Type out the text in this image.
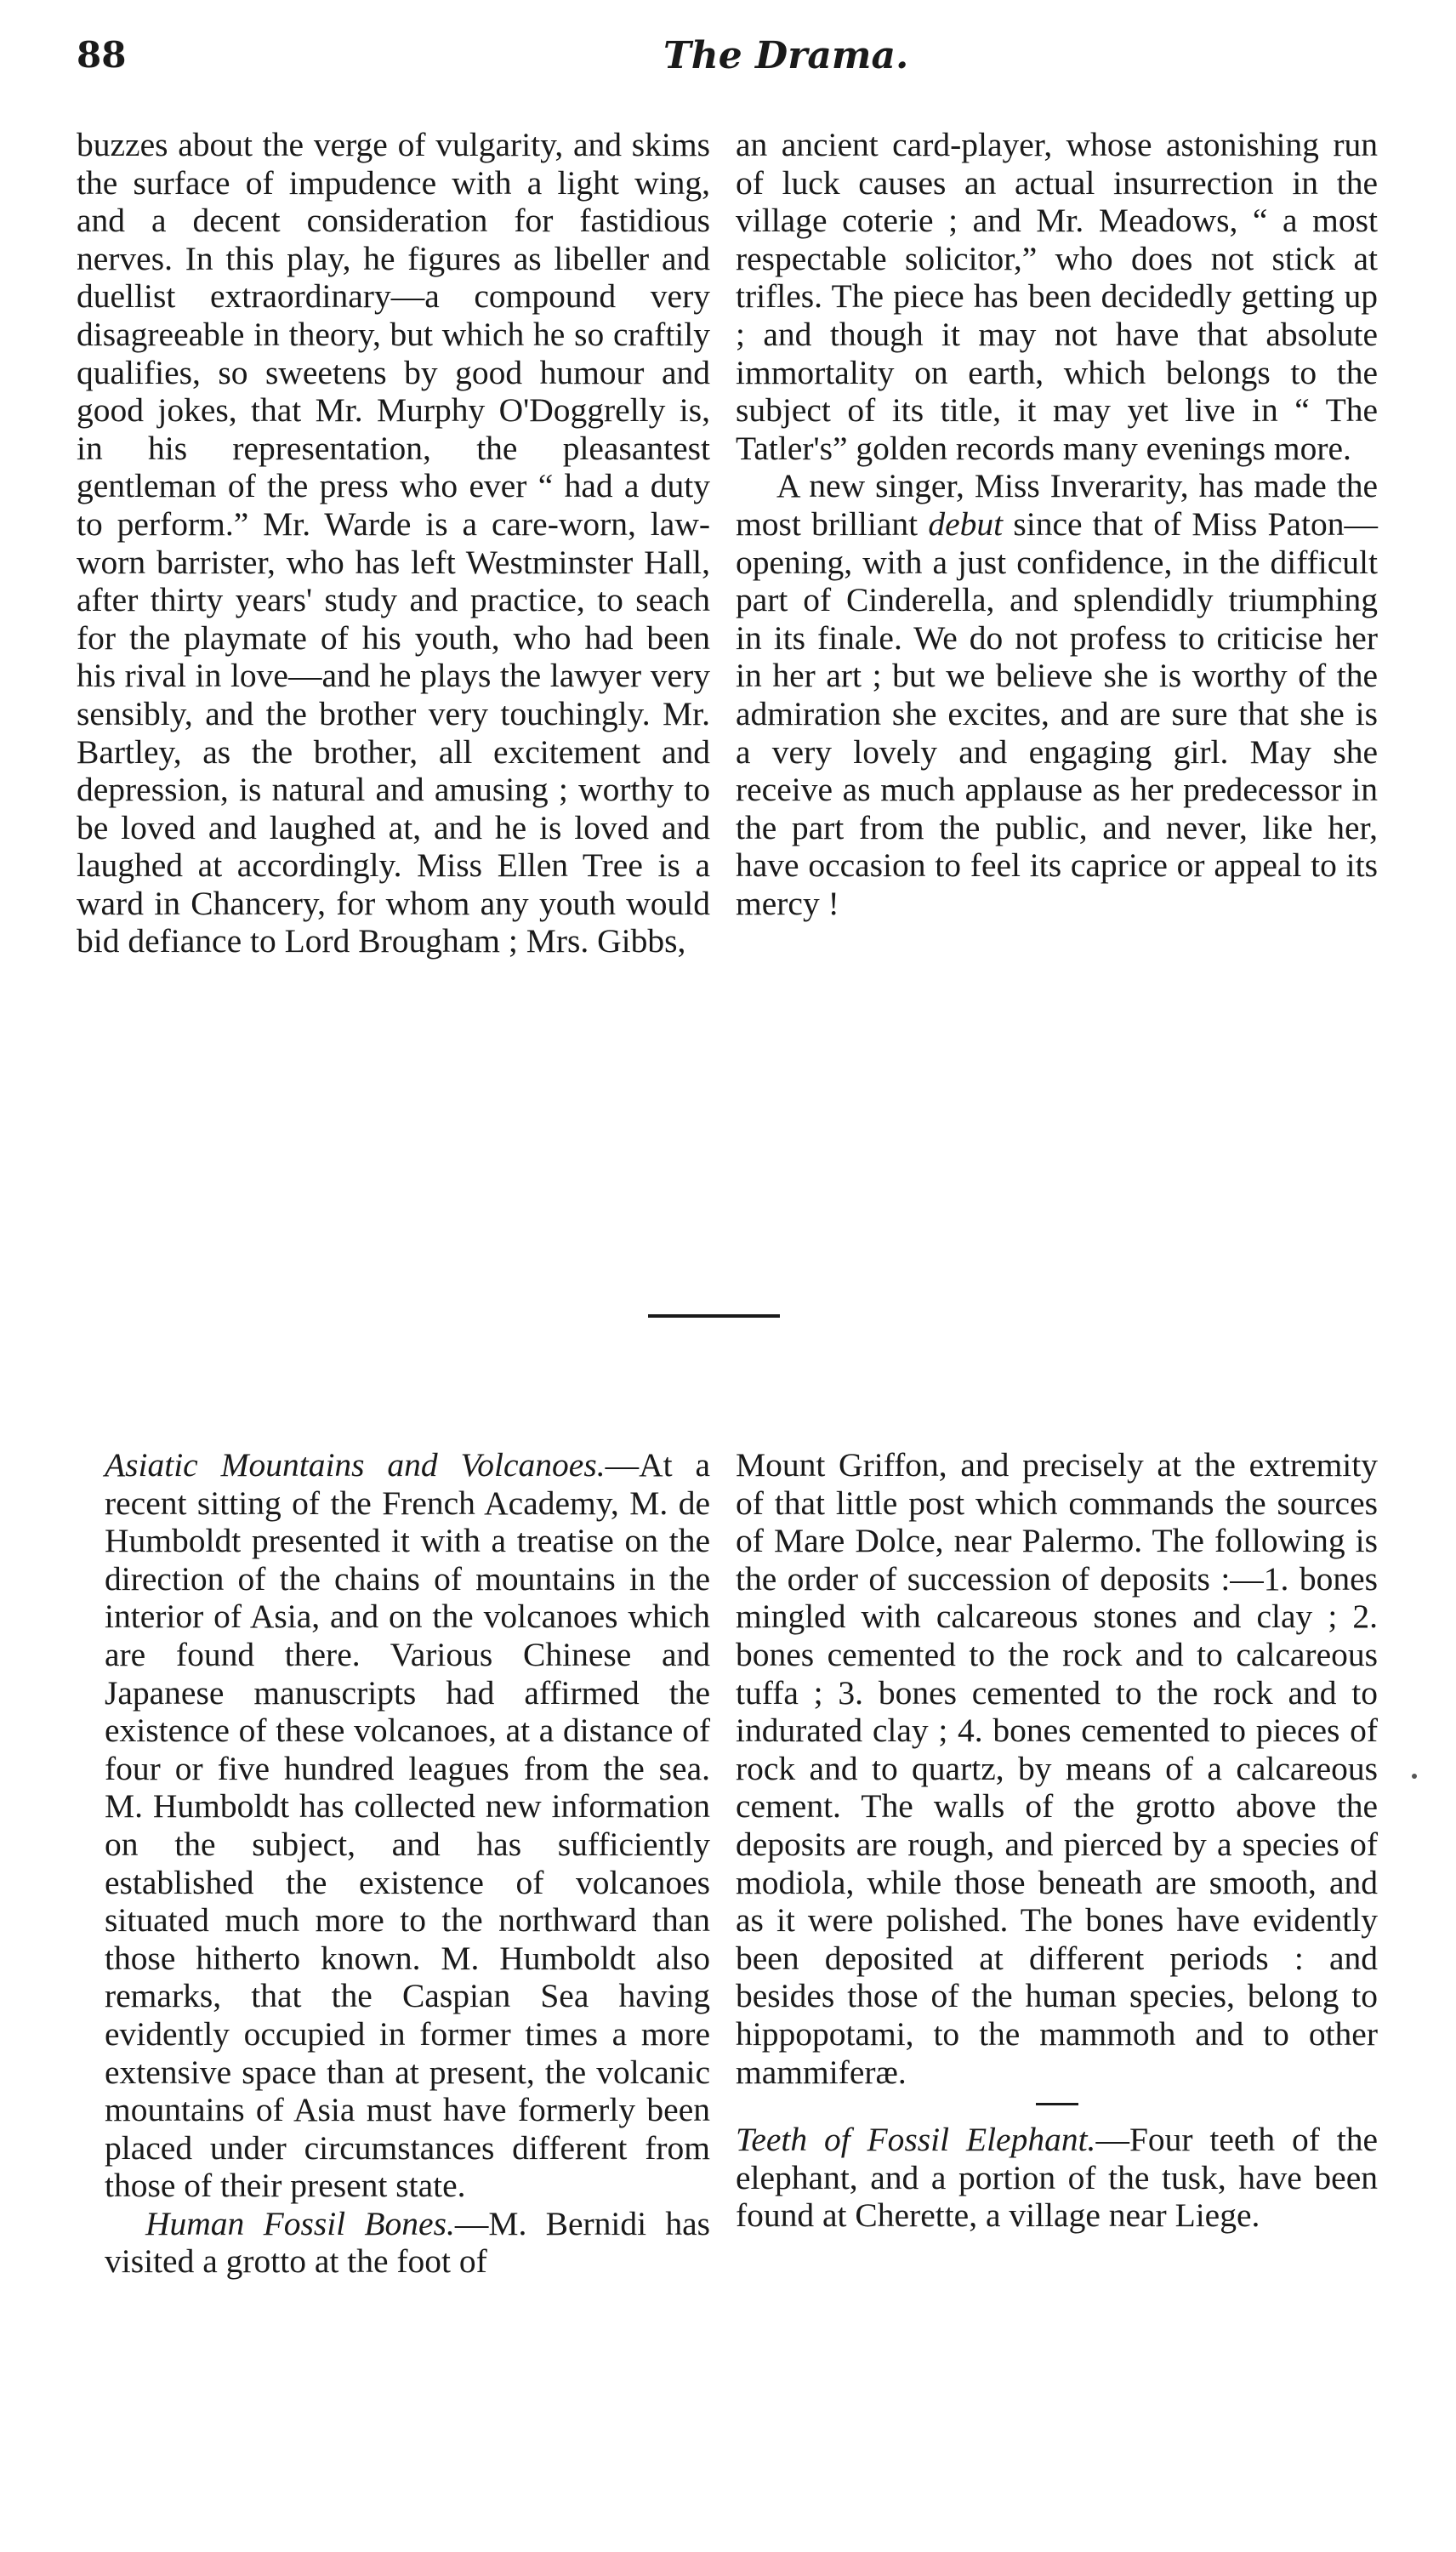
88	The Drama.

buzzes about the verge of vulgarity, and skims the surface of impudence with a light wing, and a decent consideration for fastidious nerves. In this play, he figures as libeller and duellist extraordinary—a compound very disagreeable in theory, but which he so craftily qualifies, so sweetens by good humour and good jokes, that Mr. Murphy O'Doggrelly is, in his representation, the pleasantest gentleman of the press who ever “ had a duty to perform.” Mr. Warde is a care-worn, law-worn barrister, who has left Westminster Hall, after thirty years' study and practice, to seach for the playmate of his youth, who had been his rival in love—and he plays the lawyer very sensibly, and the brother very touchingly. Mr. Bartley, as the brother, all excitement and depression, is natural and amusing ; worthy to be loved and laughed at, and he is loved and laughed at accordingly. Miss Ellen Tree is a ward in Chancery, for whom any youth would bid defiance to Lord Brougham ; Mrs. Gibbs,

an ancient card-player, whose astonishing run of luck causes an actual insurrection in the village coterie ; and Mr. Meadows, “ a most respectable solicitor,” who does not stick at trifles. The piece has been decidedly getting up ; and though it may not have that absolute immortality on earth, which belongs to the subject of its title, it may yet live in “ The Tatler's” golden records many evenings more.

A new singer, Miss Inverarity, has made the most brilliant debut since that of Miss Paton—opening, with a just confidence, in the difficult part of Cinderella, and splendidly triumphing in its finale. We do not profess to criticise her in her art ; but we believe she is worthy of the admiration she excites, and are sure that she is a very lovely and engaging girl. May she receive as much applause as her predecessor in the part from the public, and never, like her, have occasion to feel its caprice or appeal to its mercy !

Asiatic Mountains and Volcanoes.—At a recent sitting of the French Academy, M. de Humboldt presented it with a treatise on the direction of the chains of mountains in the interior of Asia, and on the volcanoes which are found there. Various Chinese and Japanese manuscripts had affirmed the existence of these volcanoes, at a distance of four or five hundred leagues from the sea. M. Humboldt has collected new information on the subject, and has sufficiently established the existence of volcanoes situated much more to the northward than those hitherto known. M. Humboldt also remarks, that the Caspian Sea having evidently occupied in former times a more extensive space than at present, the volcanic mountains of Asia must have formerly been placed under circumstances different from those of their present state.

Human Fossil Bones.—M. Bernidi has visited a grotto at the foot of

Mount Griffon, and precisely at the extremity of that little post which commands the sources of Mare Dolce, near Palermo. The following is the order of succession of deposits :—1. bones mingled with calcareous stones and clay ; 2. bones cemented to the rock and to calcareous tuffa ; 3. bones cemented to the rock and to indurated clay ; 4. bones cemented to pieces of rock and to quartz, by means of a calcareous cement. The walls of the grotto above the deposits are rough, and pierced by a species of modiola, while those beneath are smooth, and as it were polished. The bones have evidently been deposited at different periods : and besides those of the human species, belong to hippopotami, to the mammoth and to other mammiferæ.

Teeth of Fossil Elephant.—Four teeth of the elephant, and a portion of the tusk, have been found at Cherette, a village near Liege.
